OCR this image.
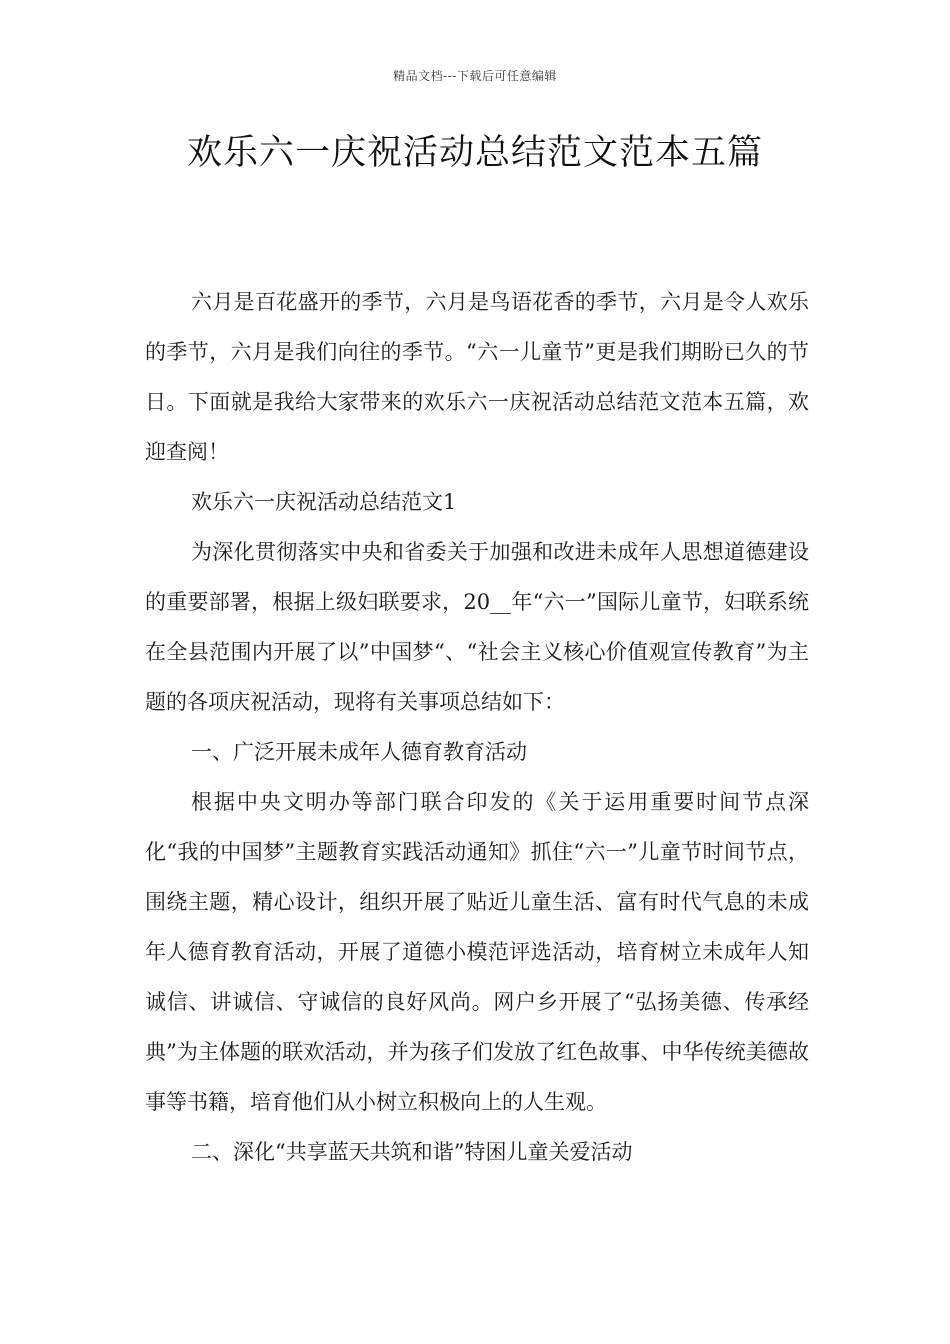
精品文档---下载后可任意编辑
欢乐六一庆祝活动总结范文范本五篇

六月是百花盛开的季节，六月是鸟语花香的季节，六月是令人欢乐的季节，六月是我们向往的季节。“六一儿童节”更是我们期盼已久的节日。下面就是我给大家带来的欢乐六一庆祝活动总结范文范本五篇，欢迎查阅！

欢乐六一庆祝活动总结范文1

为深化贯彻落实中央和省委关于加强和改进未成年人思想道德建设的重要部署，根据上级妇联要求，20__年“六一”国际儿童节，妇联系统在全县范围内开展了以”中国梦“、“社会主义核心价值观宣传教育”为主题的各项庆祝活动，现将有关事项总结如下：

一、广泛开展未成年人德育教育活动

根据中央文明办等部门联合印发的《关于运用重要时间节点深化“我的中国梦”主题教育实践活动通知》抓住“六一”儿童节时间节点，围绕主题，精心设计，组织开展了贴近儿童生活、富有时代气息的未成年人德育教育活动，开展了道德小模范评选活动，培育树立未成年人知诚信、讲诚信、守诚信的良好风尚。网户乡开展了“弘扬美德、传承经典”为主体题的联欢活动，并为孩子们发放了红色故事、中华传统美德故事等书籍，培育他们从小树立积极向上的人生观。

二、深化“共享蓝天共筑和谐”特困儿童关爱活动
